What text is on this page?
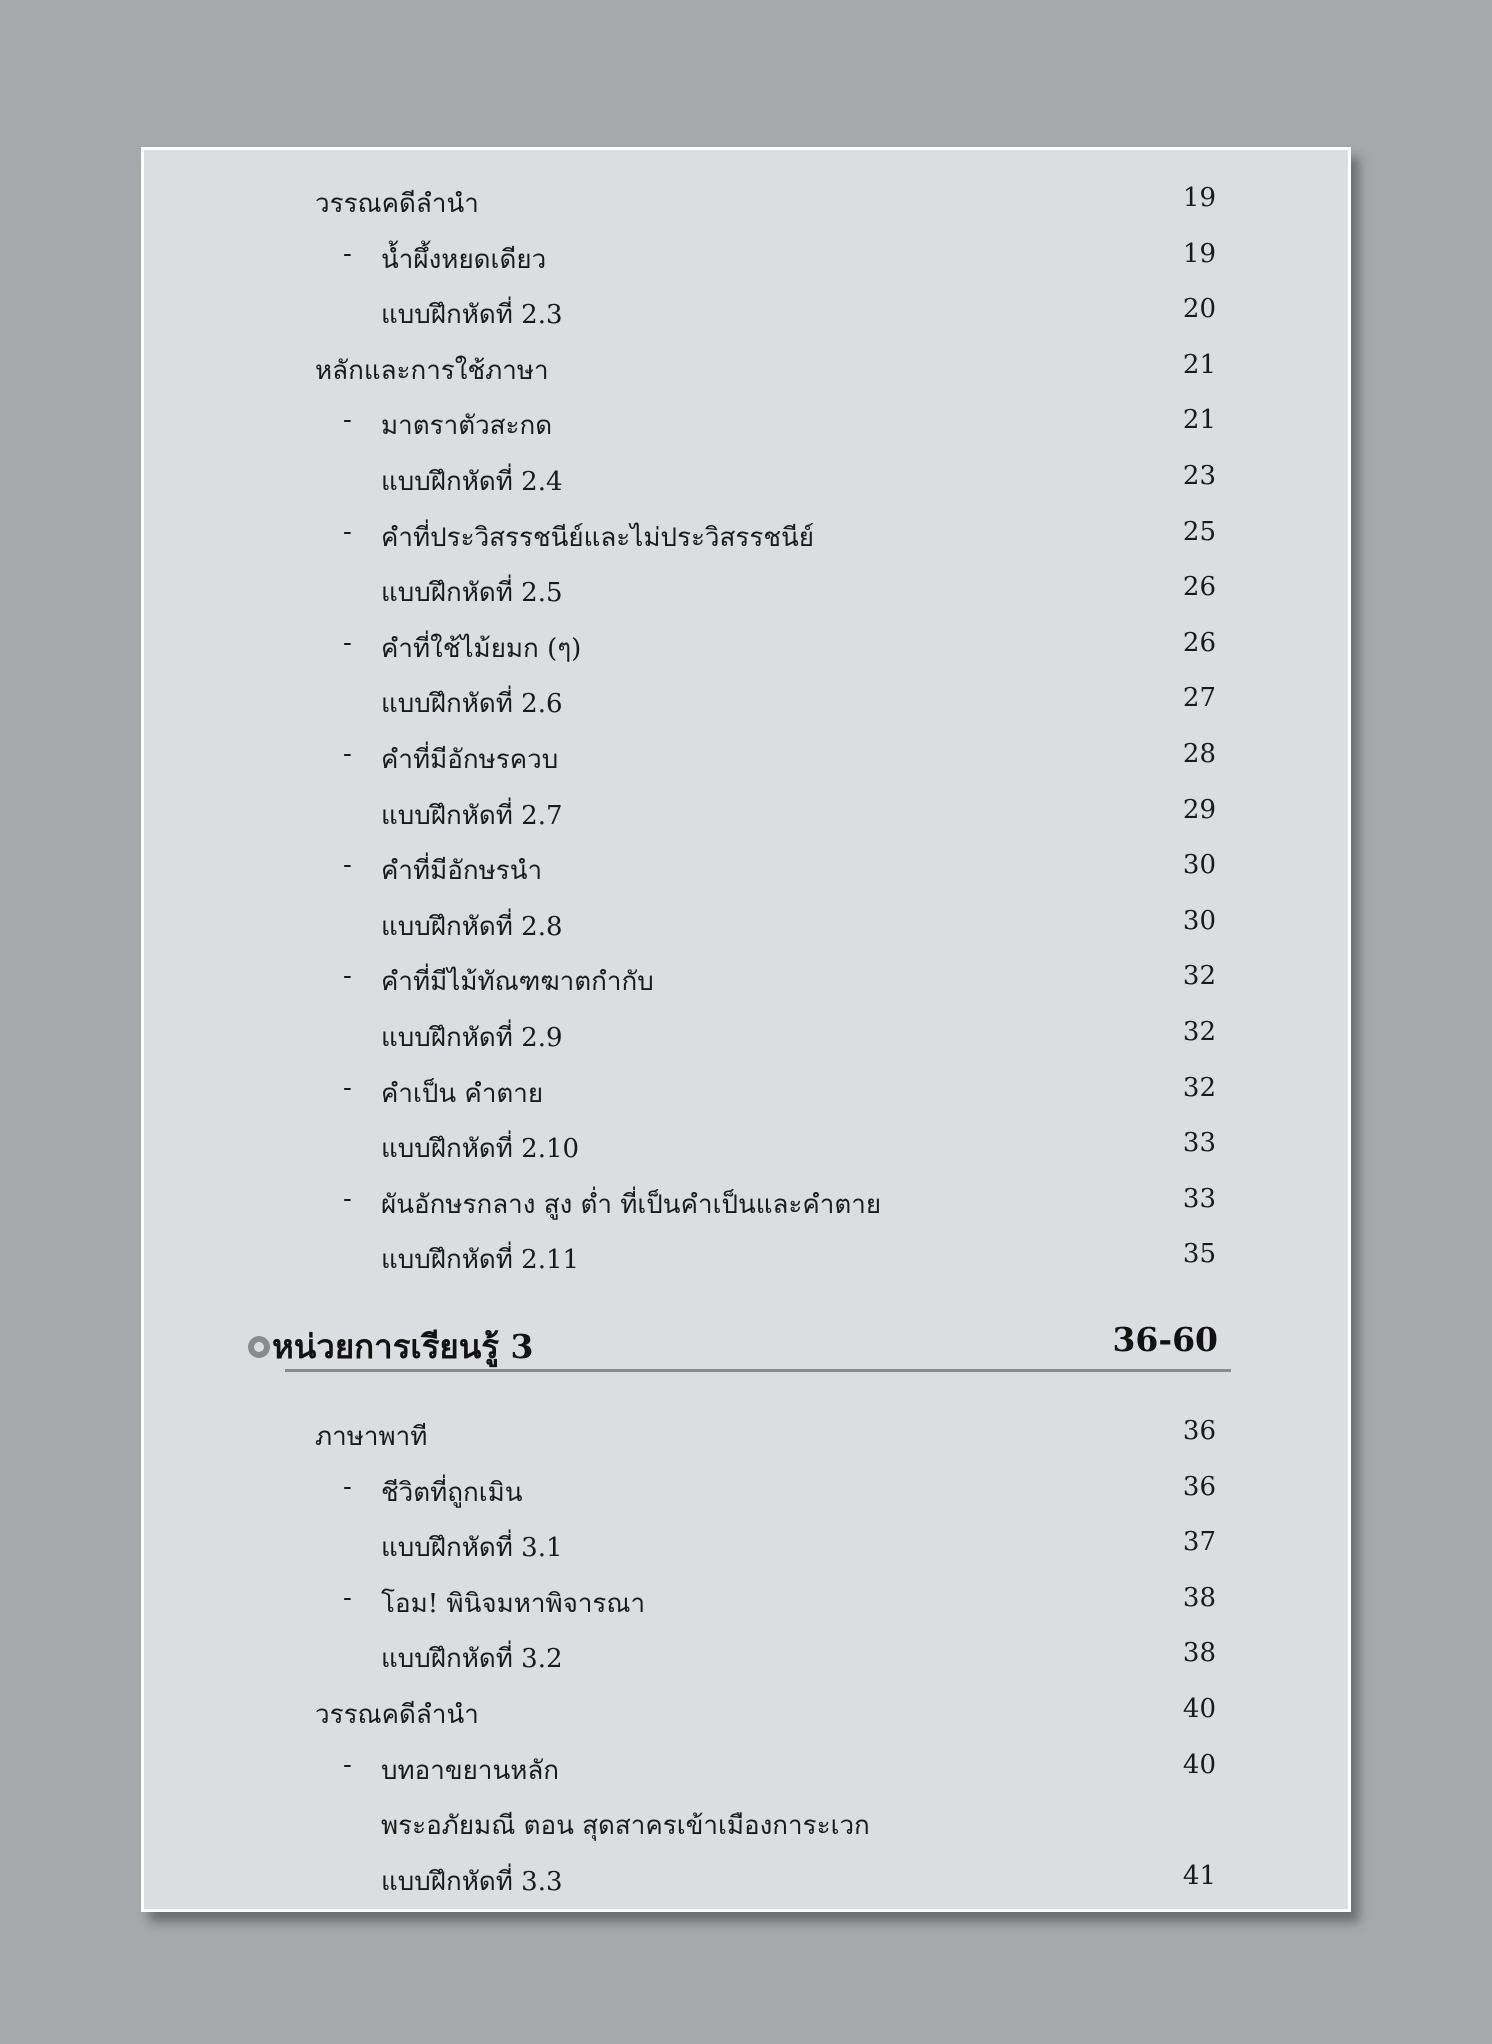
วรรณคดีลำนำ	19
- น้ำผึ้งหยดเดียว	19
แบบฝึกหัดที่ 2.3	20
หลักและการใช้ภาษา	21
- มาตราตัวสะกด	21
แบบฝึกหัดที่ 2.4	23
- คำที่ประวิสรรชนีย์และไม่ประวิสรรชนีย์	25
แบบฝึกหัดที่ 2.5	26
- คำที่ใช้ไม้ยมก (ๆ)	26
แบบฝึกหัดที่ 2.6	27
- คำที่มีอักษรควบ	28
แบบฝึกหัดที่ 2.7	29
- คำที่มีอักษรนำ	30
แบบฝึกหัดที่ 2.8	30
- คำที่มีไม้ทัณฑฆาตกำกับ	32
แบบฝึกหัดที่ 2.9	32
- คำเป็น คำตาย	32
แบบฝึกหัดที่ 2.10	33
- ผันอักษรกลาง สูง ต่ำ ที่เป็นคำเป็นและคำตาย	33
แบบฝึกหัดที่ 2.11	35
หน่วยการเรียนรู้ 3	36-60
ภาษาพาที	36
- ชีวิตที่ถูกเมิน	36
แบบฝึกหัดที่ 3.1	37
- โอม! พินิจมหาพิจารณา	38
แบบฝึกหัดที่ 3.2	38
วรรณคดีลำนำ	40
- บทอาขยานหลัก	40
พระอภัยมณี ตอน สุดสาครเข้าเมืองการะเวก
แบบฝึกหัดที่ 3.3	41
